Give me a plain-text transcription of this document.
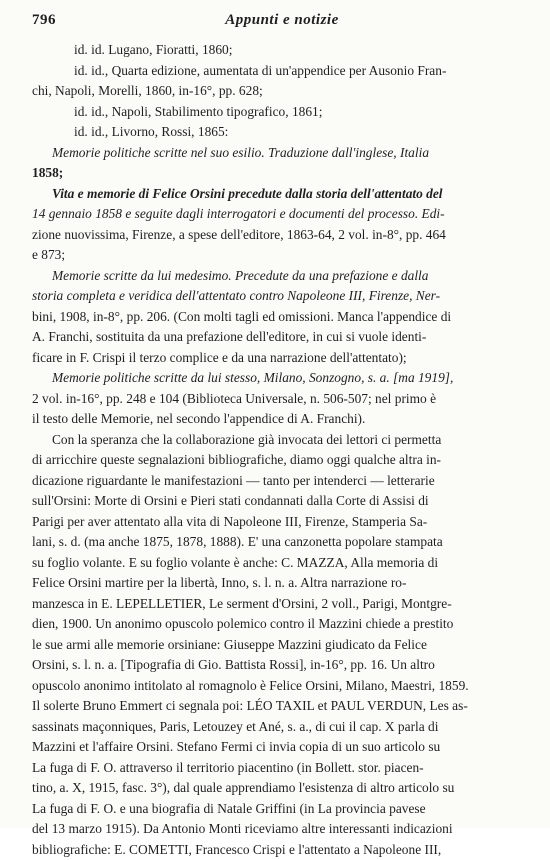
796	Appunti e notizie
id. id. Lugano, Fioratti, 1860;
id. id., Quarta edizione, aumentata di un'appendice per Ausonio Fran-
chi, Napoli, Morelli, 1860, in-16°, pp. 628;
id. id., Napoli, Stabilimento tipografico, 1861;
id. id., Livorno, Rossi, 1865:
Memorie politiche scritte nel suo esilio. Traduzione dall'inglese, Italia
1858;
Vita e memorie di Felice Orsini precedute dalla storia dell'attentato del
14 gennaio 1858 e seguite dagli interrogatori e documenti del processo. Edi-
zione nuovissima, Firenze, a spese dell'editore, 1863-64, 2 vol. in-8°, pp. 464
e 873;
Memorie scritte da lui medesimo. Precedute da una prefazione e dalla
storia completa e veridica dell'attentato contro Napoleone III, Firenze, Ner-
bini, 1908, in-8°, pp. 206. (Con molti tagli ed omissioni. Manca l'appendice di
A. Franchi, sostituita da una prefazione dell'editore, in cui si vuole identi-
ficare in F. Crispi il terzo complice e da una narrazione dell'attentato);
Memorie politiche scritte da lui stesso, Milano, Sonzogno, s. a. [ma 1919],
2 vol. in-16°, pp. 248 e 104 (Biblioteca Universale, n. 506-507; nel primo è
il testo delle Memorie, nel secondo l'appendice di A. Franchi).
Con la speranza che la collaborazione già invocata dei lettori ci permetta
di arricchire queste segnalazioni bibliografiche, diamo oggi qualche altra in-
dicazione riguardante le manifestazioni — tanto per intenderci — letterarie
sull'Orsini: Morte di Orsini e Pieri stati condannati dalla Corte di Assisi di
Parigi per aver attentato alla vita di Napoleone III, Firenze, Stamperia Sa-
lani, s. d. (ma anche 1875, 1878, 1888). E' una canzonetta popolare stampata
su foglio volante. E su foglio volante è anche: C. MAZZA, Alla memoria di
Felice Orsini martire per la libertà, Inno, s. l. n. a. Altra narrazione ro-
manzesca in E. LEPELLETIER, Le serment d'Orsini, 2 voll., Parigi, Montgre-
dien, 1900. Un anonimo opuscolo polemico contro il Mazzini chiede a prestito
le sue armi alle memorie orsiniane: Giuseppe Mazzini giudicato da Felice
Orsini, s. l. n. a. [Tipografia di Gio. Battista Rossi], in-16°, pp. 16. Un altro
opuscolo anonimo intitolato al romagnolo è Felice Orsini, Milano, Maestri, 1859.
Il solerte Bruno Emmert ci segnala poi: LÉO TAXIL et PAUL VERDUN, Les as-
sassinats maçonniques, Paris, Letouzey et Ané, s. a., di cui il cap. X parla di
Mazzini et l'affaire Orsini. Stefano Fermi ci invia copia di un suo articolo su
La fuga di F. O. attraverso il territorio piacentino (in Bollett. stor. piacen-
tino, a. X, 1915, fasc. 3°), dal quale apprendiamo l'esistenza di altro articolo su
La fuga di F. O. e una biografia di Natale Griffini (in La provincia pavese
del 13 marzo 1915). Da Antonio Monti riceviamo altre interessanti indicazioni
bibliografiche: E. COMETTI, Francesco Crispi e l'attentato a Napoleone III,
